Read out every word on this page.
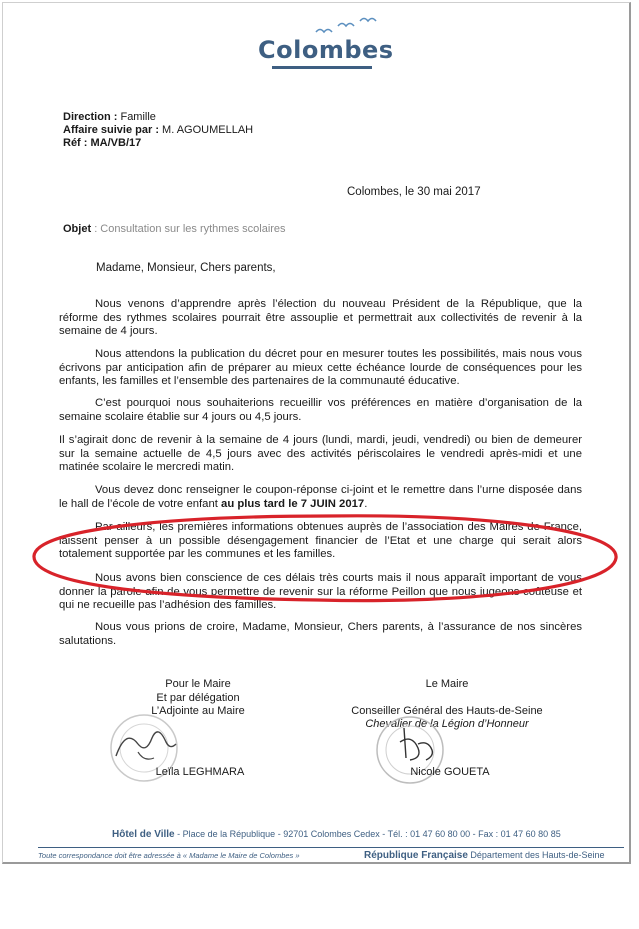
Colombes
Direction : Famille
Affaire suivie par : M. AGOUMELLAH
Réf : MA/VB/17
Colombes, le 30 mai 2017
Objet : Consultation sur les rythmes scolaires
Madame, Monsieur, Chers parents,
Nous venons d’apprendre après l’élection du nouveau Président de la République, que la réforme des rythmes scolaires pourrait être assouplie et permettrait aux collectivités de revenir à la semaine de 4 jours.
Nous attendons la publication du décret pour en mesurer toutes les possibilités, mais nous vous écrivons par anticipation afin de préparer au mieux cette échéance lourde de conséquences pour les enfants, les familles et l’ensemble des partenaires de la communauté éducative.
C’est pourquoi nous souhaiterions recueillir vos préférences en matière d’organisation de la semaine scolaire établie sur 4 jours ou 4,5 jours.
Il s’agirait donc de revenir à la semaine de 4 jours (lundi, mardi, jeudi, vendredi) ou bien de demeurer sur la semaine actuelle de 4,5 jours avec des activités périscolaires le vendredi après-midi et une matinée scolaire le mercredi matin.
Vous devez donc renseigner le coupon-réponse ci-joint et le remettre dans l’urne disposée dans le hall de l’école de votre enfant au plus tard le 7 JUIN 2017.
Par ailleurs, les premières informations obtenues auprès de l’association des Maires de France, laissent penser à un possible désengagement financier de l’Etat et une charge qui serait alors totalement supportée par les communes et les familles.
Nous avons bien conscience de ces délais très courts mais il nous apparaît important de vous donner la parole afin de vous permettre de revenir sur la réforme Peillon que nous jugeons coûteuse et qui ne recueille pas l’adhésion des familles.
Nous vous prions de croire, Madame, Monsieur, Chers parents, à l’assurance de nos sincères salutations.
Pour le Maire
Et par délégation
L’Adjointe au Maire
Le Maire
Conseiller Général des Hauts-de-Seine
Chevalier de la Légion d’Honneur
Leïla LEGHMARA	Nicole GOUETA
Hôtel de Ville - Place de la République - 92701 Colombes Cedex - Tél. : 01 47 60 80 00 - Fax : 01 47 60 80 85
Toute correspondance doit être adressée à « Madame le Maire de Colombes »	République Française Département des Hauts-de-Seine
